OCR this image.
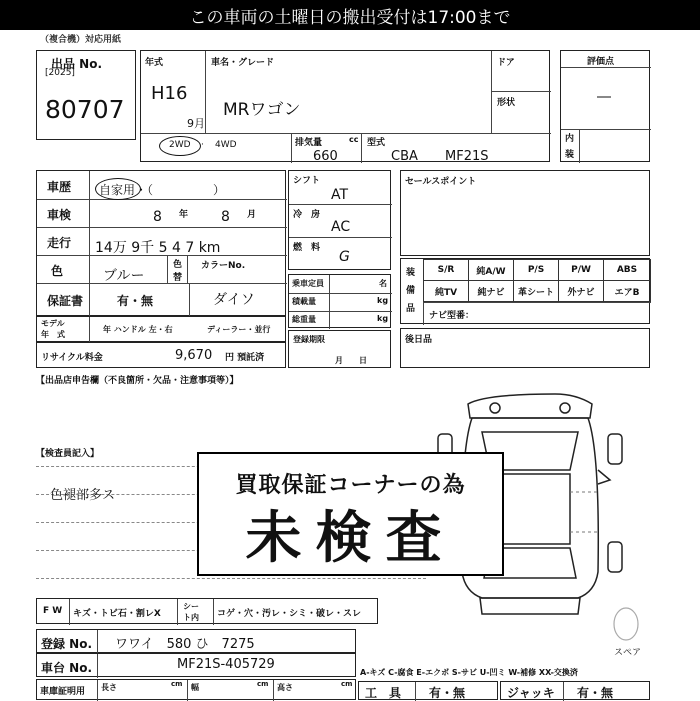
この車両の土曜日の搬出受付は17:00まで
（複合機）対応用紙
出品 No.
[2025]
80707
年式
H16
9月
車名・グレード
MRワゴン
ドア
形状
2WD · 4WD	排気量	cc
660
型式
CBA MF21S
評価点
―
内
装
車歴 自家用・（　　　　　）
車検	8 年 8 月
走行 14万 9千 5 4 7 km
色	ブルー
色
替
カラーNo.
保証書	有・無	ダイソ
モデル
年　式
年 ハンドル 左・右	ディーラー・並行
リサイクル料金	9,670 円 預託済
シフト
AT
冷　房
AC
燃　料
G
乗車定員	名
積載量	kg
総重量	kg
登録期限
月　　日
セールスポイント
装
備
品
S/R	純A/W	P/S	P/W	ABS
純TV	純ナビ	革シート	外ナビ	エアB
ナビ型番：
後日品
【出品店申告欄（不良箇所・欠品・注意事項等）】
【検査員記入】
色褪部多ス
スペア
買取保証コーナーの為
未検査
F W キズ・トビ石・割レX
シー
ト内 コゲ・穴・汚レ・シミ・破レ・スレ
登録 No. ワワイ　580 ひ　7275
車台 No.	MF21S-405729
車庫証明用 長さ	cm 幅	cm 高さ	cm
A-キズ C-腐食 E-エクボ S-サビ U-凹ミ W-補修 XX-交換済
工　具 有・無	ジャッキ 有・無
